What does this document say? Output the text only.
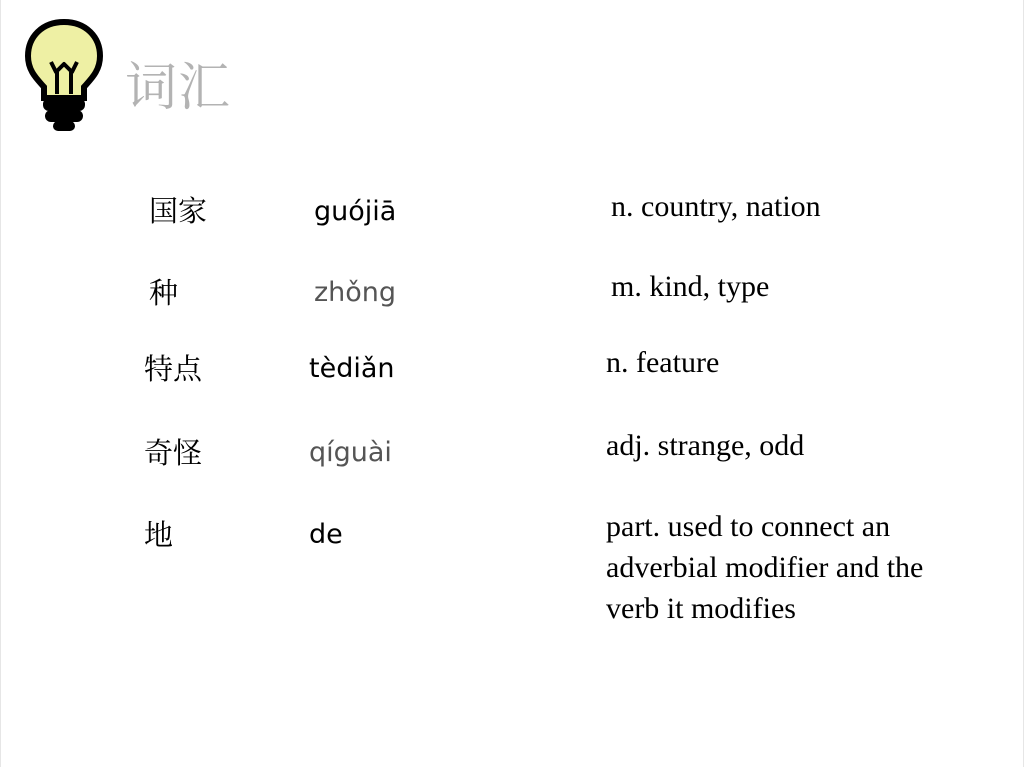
词汇
国家	guójiā	n. country, nation
种	zhǒng	m. kind, type
特点	tèdiǎn	n. feature
奇怪	qíguài	adj. strange, odd
地	de	part. used to connect an
adverbial modifier and the
verb it modifies
